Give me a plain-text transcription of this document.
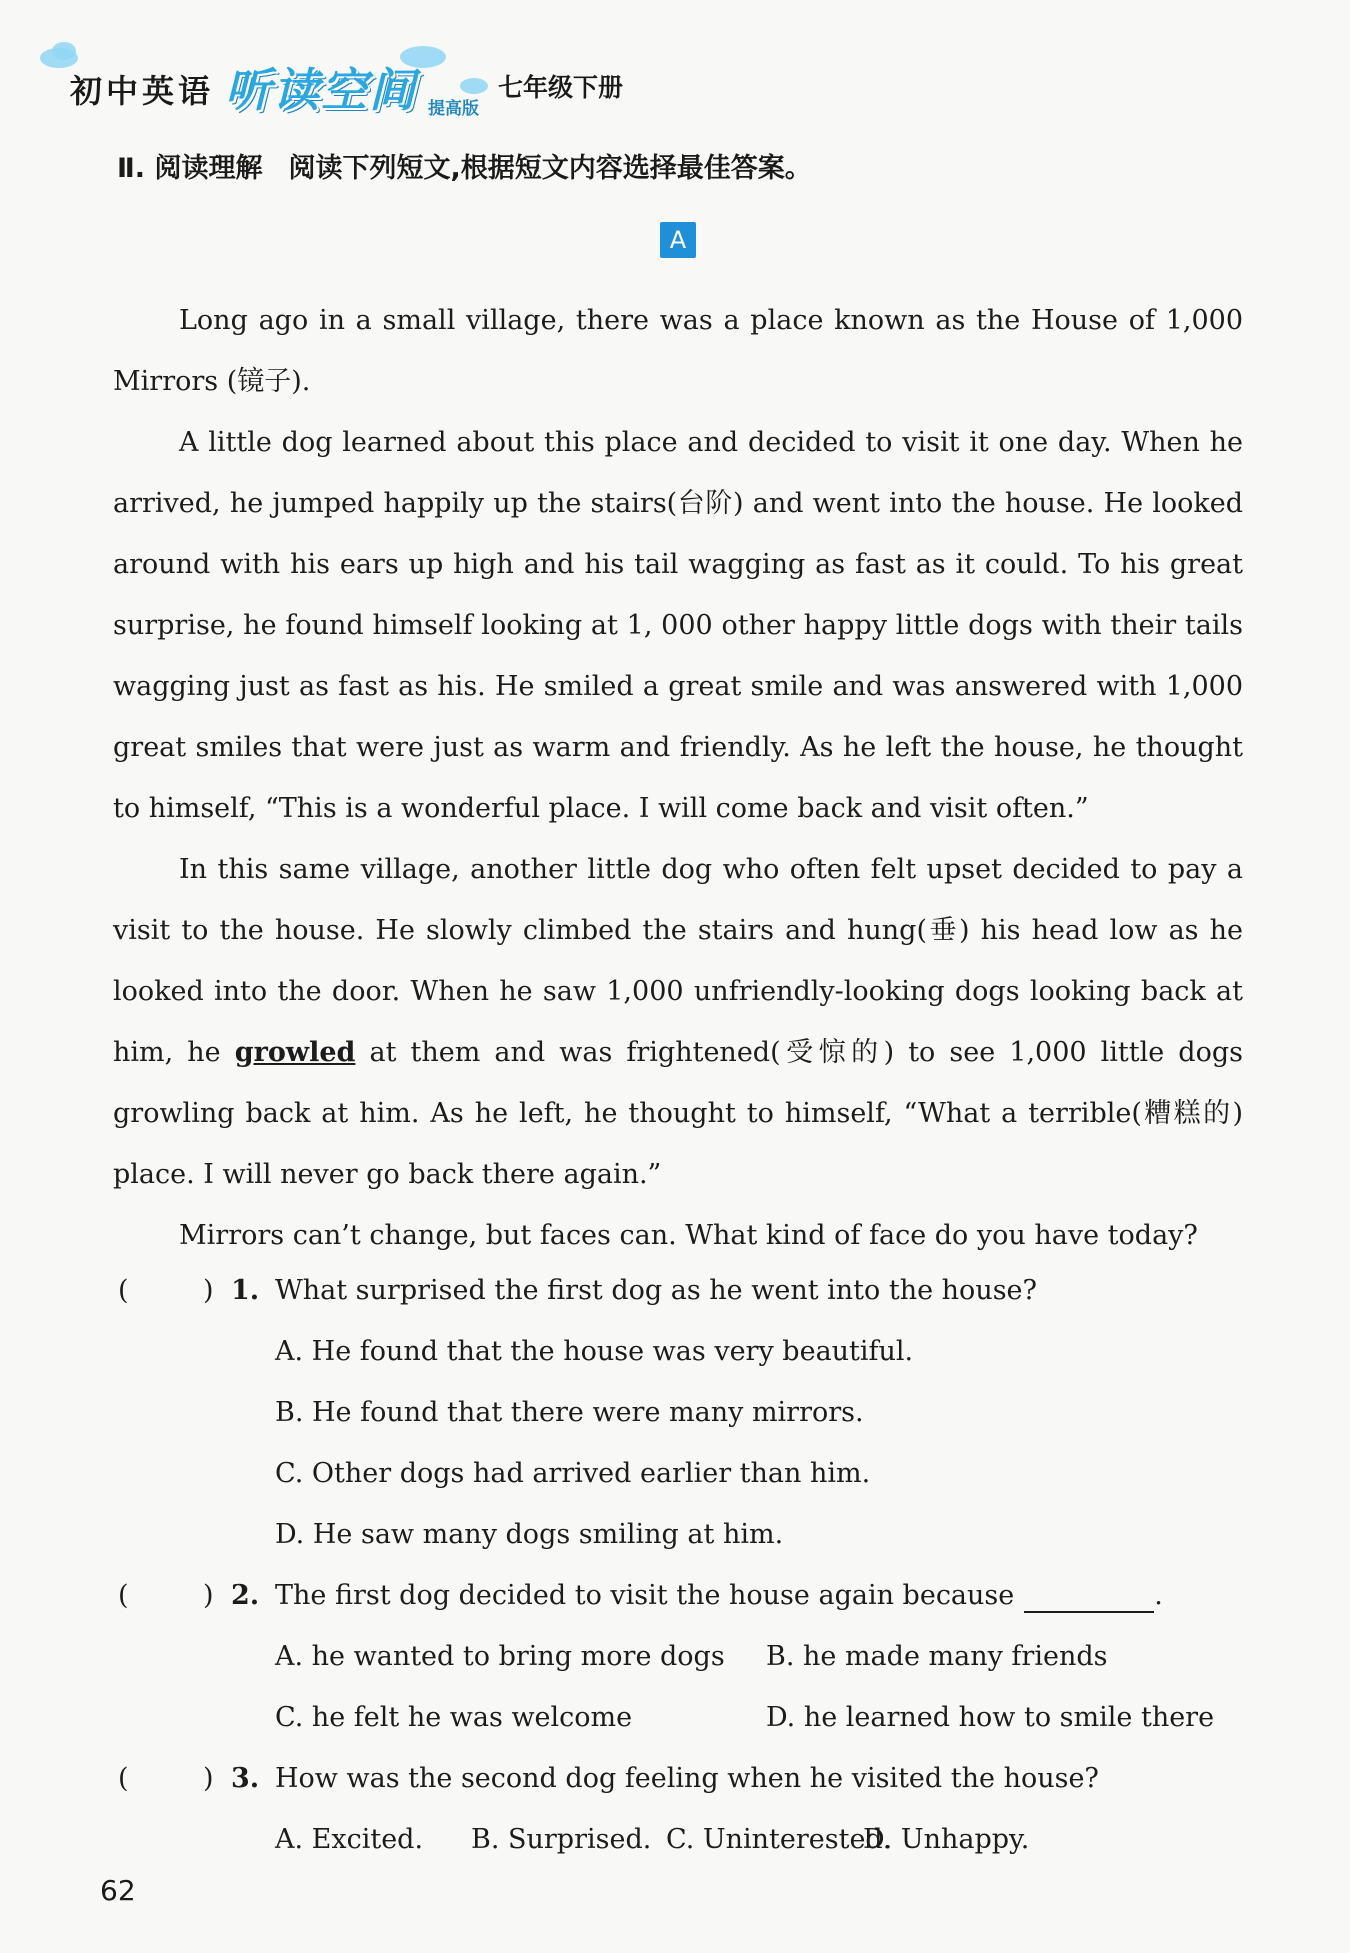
初中英语 听读空间 提高版
七年级下册
Ⅱ. 阅读理解 阅读下列短文,根据短文内容选择最佳答案。
A

Long ago in a small village, there was a place known as the House of 1,000 Mirrors (镜子).

A little dog learned about this place and decided to visit it one day. When he arrived, he jumped happily up the stairs(台阶) and went into the house. He looked around with his ears up high and his tail wagging as fast as it could. To his great surprise, he found himself looking at 1, 000 other happy little dogs with their tails wagging just as fast as his. He smiled a great smile and was answered with 1,000 great smiles that were just as warm and friendly. As he left the house, he thought to himself, “This is a wonderful place. I will come back and visit often.”

In this same village, another little dog who often felt upset decided to pay a visit to the house. He slowly climbed the stairs and hung(垂) his head low as he looked into the door. When he saw 1,000 unfriendly-looking dogs looking back at him, he growled at them and was frightened(受惊的) to see 1,000 little dogs growling back at him. As he left, he thought to himself, “What a terrible(糟糕的) place. I will never go back there again.”

Mirrors can’t change, but faces can. What kind of face do you have today?

(	) 1. What surprised the first dog as he went into the house?
A. He found that the house was very beautiful.
B. He found that there were many mirrors.
C. Other dogs had arrived earlier than him.
D. He saw many dogs smiling at him.
(	) 2. The first dog decided to visit the house again because	.
A. he wanted to bring more dogs B. he made many friends
C. he felt he was welcome	D. he learned how to smile there
(	) 3. How was the second dog feeling when he visited the house?
A. Excited. B. Surprised. C. Uninterested.
D. Unhappy.
62
